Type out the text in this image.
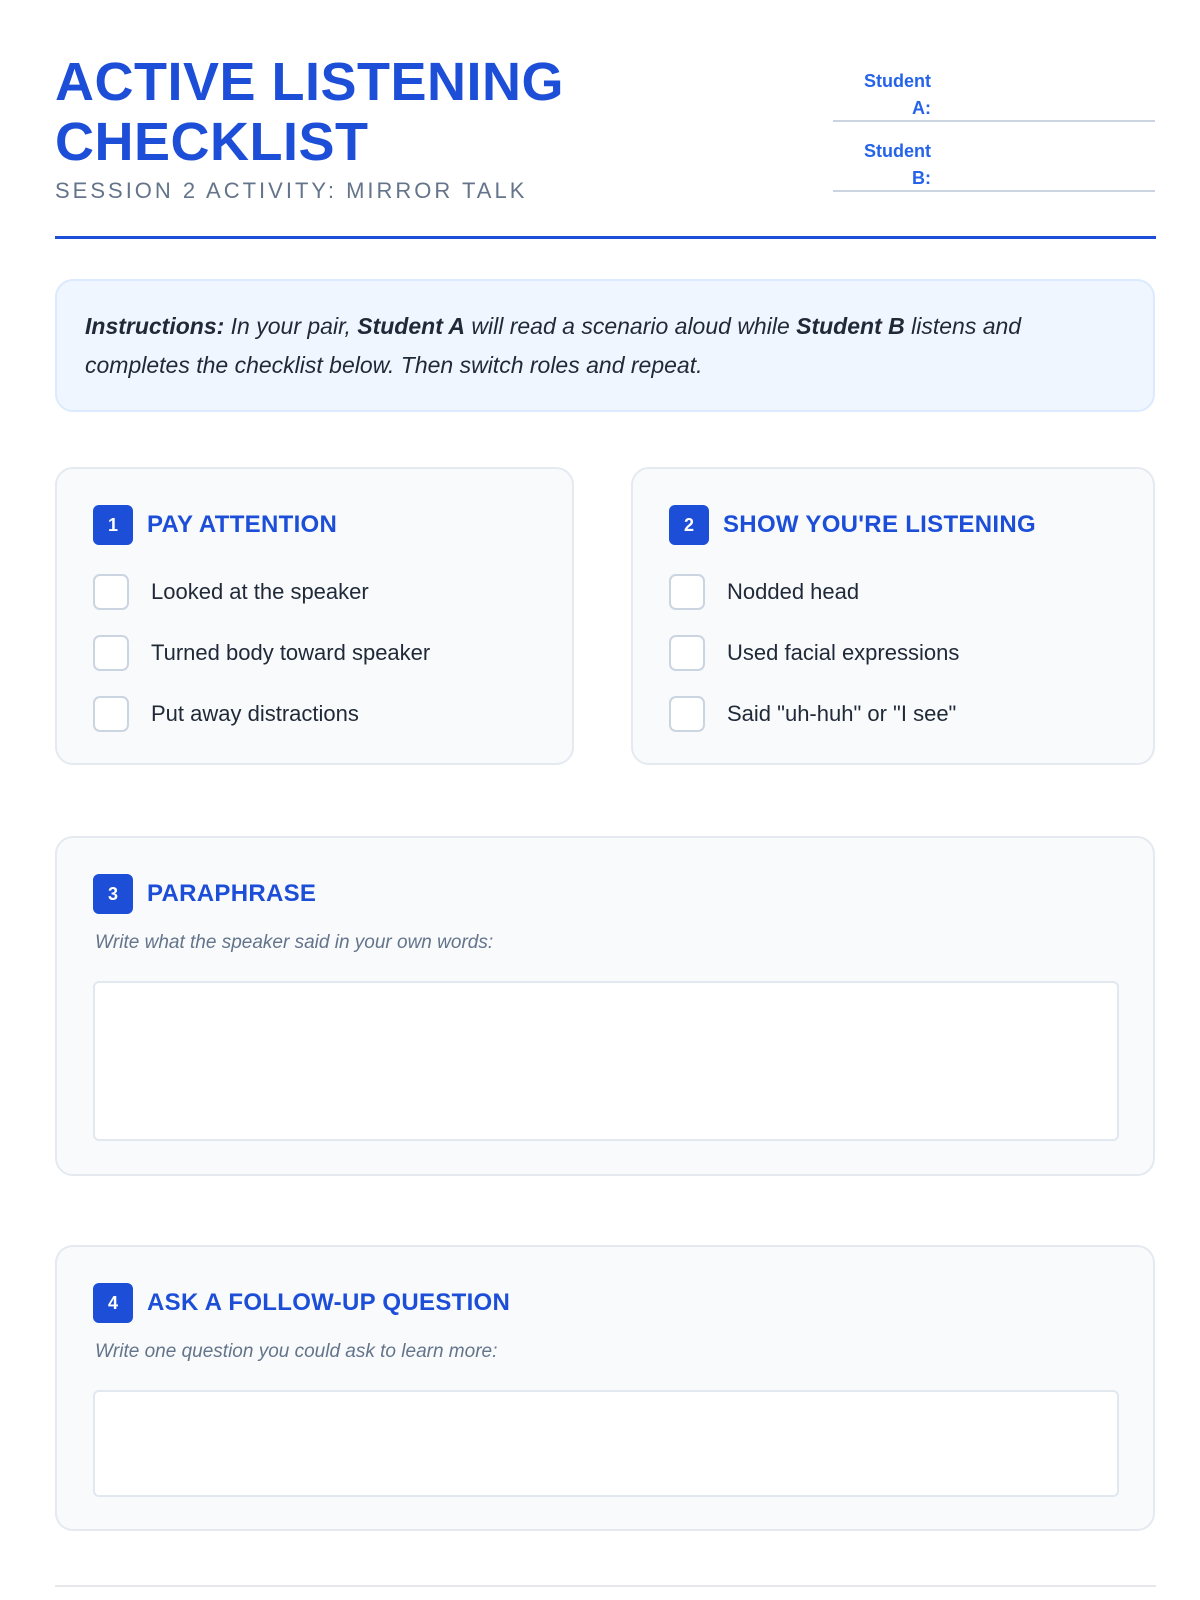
ACTIVE LISTENING CHECKLIST
SESSION 2 ACTIVITY: MIRROR TALK
Student A:
Student B:
Instructions: In your pair, Student A will read a scenario aloud while Student B listens and completes the checklist below. Then switch roles and repeat.
1	PAY ATTENTION
Looked at the speaker
Turned body toward speaker
Put away distractions
2	SHOW YOU'RE LISTENING
Nodded head
Used facial expressions
Said "uh-huh" or "I see"
3	PARAPHRASE
Write what the speaker said in your own words:
4	ASK A FOLLOW-UP QUESTION
Write one question you could ask to learn more:
